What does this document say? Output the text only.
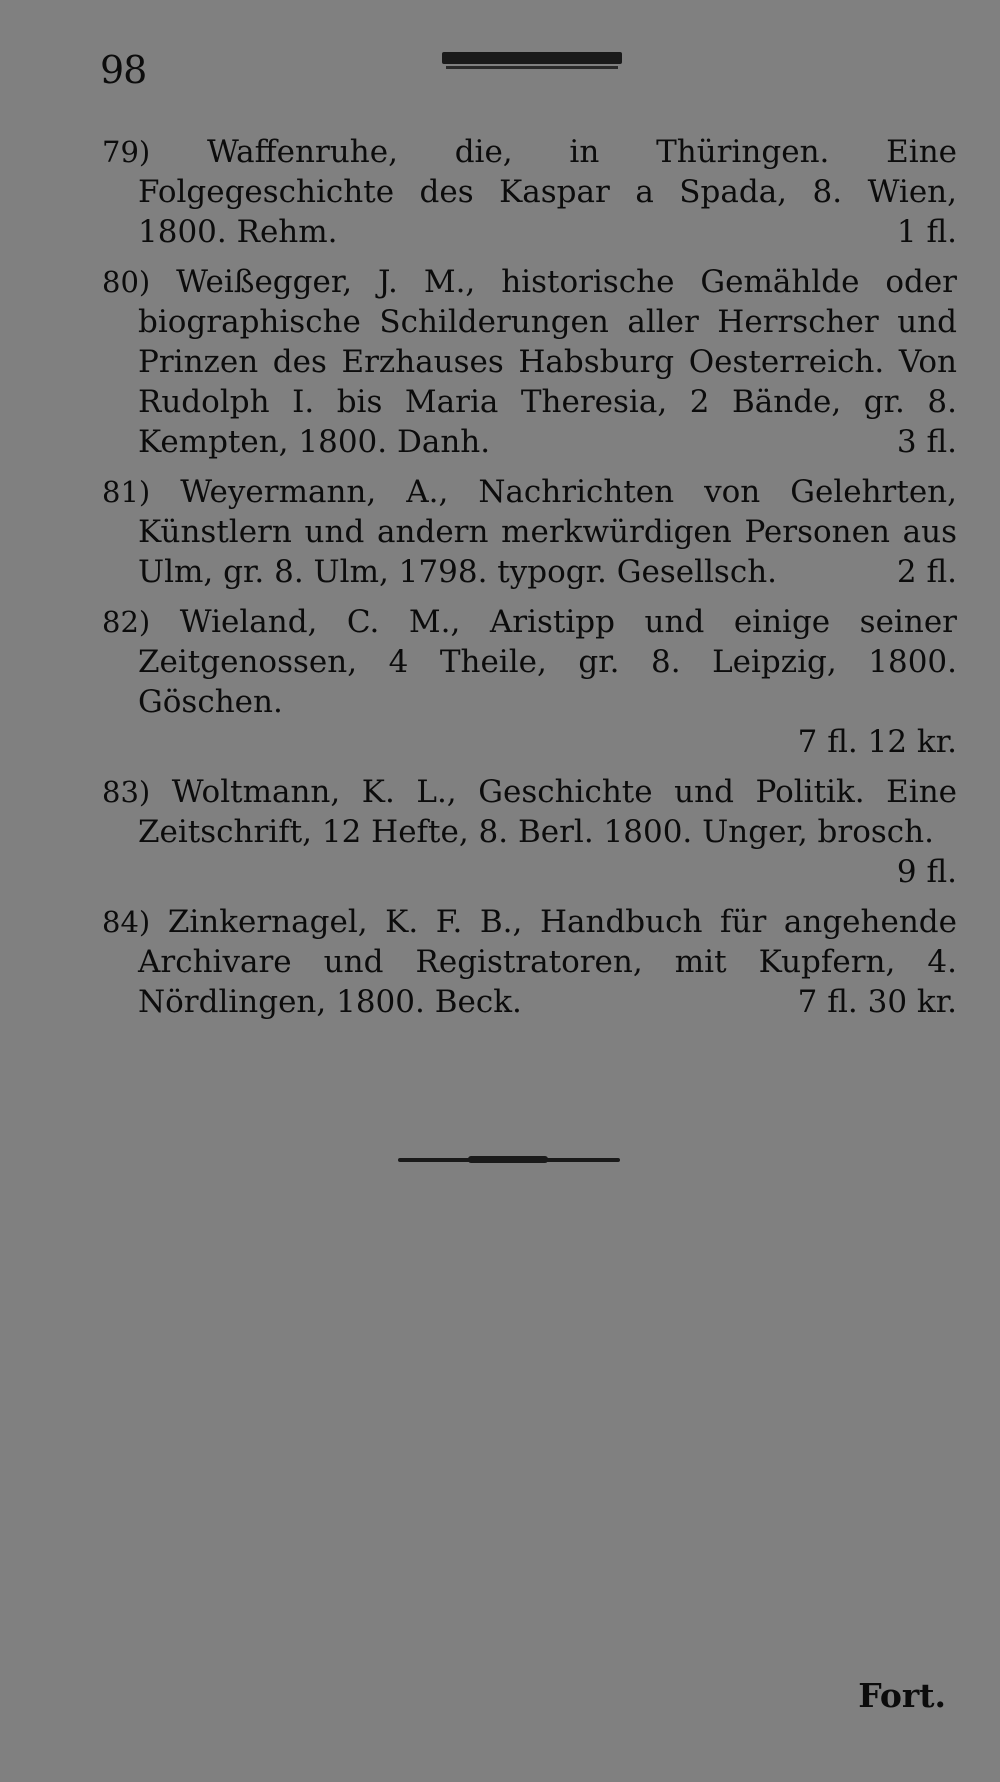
98
79) Waffenruhe, die, in Thüringen. Eine Folgegeschichte des Kaspar a Spada, 8. Wien, 1800. Rehm.	1 fl.
80) Weißegger, J. M., historische Gemählde oder biographische Schilderungen aller Herrscher und Prinzen des Erzhauses Habsburg Oesterreich. Von Rudolph I. bis Maria Theresia, 2 Bände, gr. 8. Kempten, 1800. Danh.	3 fl.
81) Weyermann, A., Nachrichten von Gelehrten, Künstlern und andern merkwürdigen Personen aus Ulm, gr. 8. Ulm, 1798. typogr. Gesellsch.	2 fl.
82) Wieland, C. M., Aristipp und einige seiner Zeitgenossen, 4 Theile, gr. 8. Leipzig, 1800. Göschen.
7 fl. 12 kr.
83) Woltmann, K. L., Geschichte und Politik. Eine Zeitschrift, 12 Hefte, 8. Berl. 1800. Unger, brosch.
9 fl.
84) Zinkernagel, K. F. B., Handbuch für angehende Archivare und Registratoren, mit Kupfern, 4. Nördlingen, 1800. Beck.	7 fl. 30 kr.
Fort.
